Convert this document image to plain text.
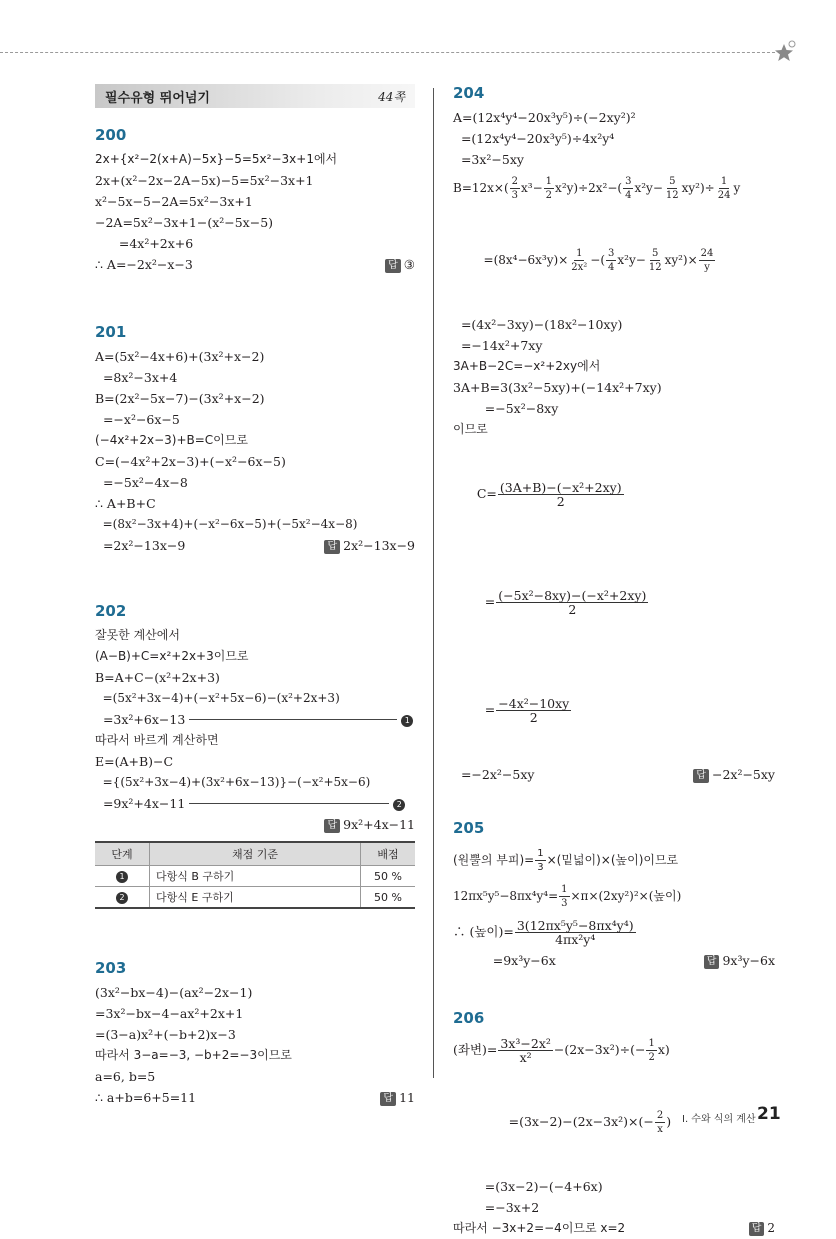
필수유형 뛰어넘기	44쪽
200
2x+{x²−2(x+A)−5x}−5=5x²−3x+1에서
2x+(x²−2x−2A−5x)−5=5x²−3x+1
x²−5x−5−2A=5x²−3x+1
−2A=5x²−3x+1−(x²−5x−5)
=4x²+2x+6
∴ A=−2x²−x−3	답 ③
201
A=(5x²−4x+6)+(3x²+x−2)
=8x²−3x+4
B=(2x²−5x−7)−(3x²+x−2)
=−x²−6x−5
(−4x²+2x−3)+B=C이므로
C=(−4x²+2x−3)+(−x²−6x−5)
=−5x²−4x−8
∴ A+B+C
=(8x²−3x+4)+(−x²−6x−5)+(−5x²−4x−8)
=2x²−13x−9	답 2x²−13x−9
202
잘못한 계산에서
(A−B)+C=x²+2x+3이므로
B=A+C−(x²+2x+3)
=(5x²+3x−4)+(−x²+5x−6)−(x²+2x+3)
=3x²+6x−13	1
따라서 바르게 계산하면
E=(A+B)−C
={(5x²+3x−4)+(3x²+6x−13)}−(−x²+5x−6)
=9x²+4x−11	2
답 9x²+4x−11
단계	채점 기준	배점
1	다항식 B 구하기	50 %
2	다항식 E 구하기	50 %
203
(3x²−bx−4)−(ax²−2x−1)
=3x²−bx−4−ax²+2x+1
=(3−a)x²+(−b+2)x−3
따라서 3−a=−3, −b+2=−3이므로
a=6, b=5
∴ a+b=6+5=11	답 11
204
A=(12x⁴y⁴−20x³y⁵)÷(−2xy²)²
=(12x⁴y⁴−20x³y⁵)÷4x²y⁴
=3x²−5xy
$B=12x\times( \frac{2}{3} x^3- \frac{1}{2} x^2y)\div 2x^2-( \frac{3}{4} x^2y- \frac{5}{12} xy^2)\div \frac{1}{24}$ y

$=(8x^4-6x^3y)\times \frac{1}{\text{2x²}}$ −( $\frac{3}{4} x^2y- \frac{5}{12} xy^2)\times \frac{24}{y}$

=(4x²−3xy)−(18x²−10xy)
=−14x²+7xy
3A+B−2C=−x²+2xy에서
3A+B=3(3x²−5xy)+(−14x²+7xy)
=−5x²−8xy
이므로

$C= \frac{\text{(3A+B)−(−x²+2xy)}}{2}$

= $\frac{\text{(−5x²−8xy)−(−x²+2xy)}}{2}$

= $\frac{\text{−4x²−10xy}}{2}$

=−2x²−5xy	답 −2x²−5xy
205
(원뿔의 부피)= $\frac{1}{3}$ ×(밑넓이)×(높이)이므로
$12\pi x^5y^5-8\pi x^4y^4= \frac{1}{3} \times\pi\times(2xy^2)^2\times$(높이)
∴ (높이)= $\frac{\text{3(12πx⁵y⁵−8πx⁴y⁴)}}{\text{4πx²y⁴}}$
=9x³y−6x	답 9x³y−6x
206
(좌변)= $\frac{\text{3x³−2x²}}{\text{x²}} -(2x-3x^2)\div(- \frac{1}{2} x)$

$=(3x-2)-(2x-3x^2)\times(- \frac{2}{x}$ )

=(3x−2)−(−4+6x)
=−3x+2
따라서 −3x+2=−4이므로 x=2	답 2
Ⅰ. 수와 식의 계산 21
